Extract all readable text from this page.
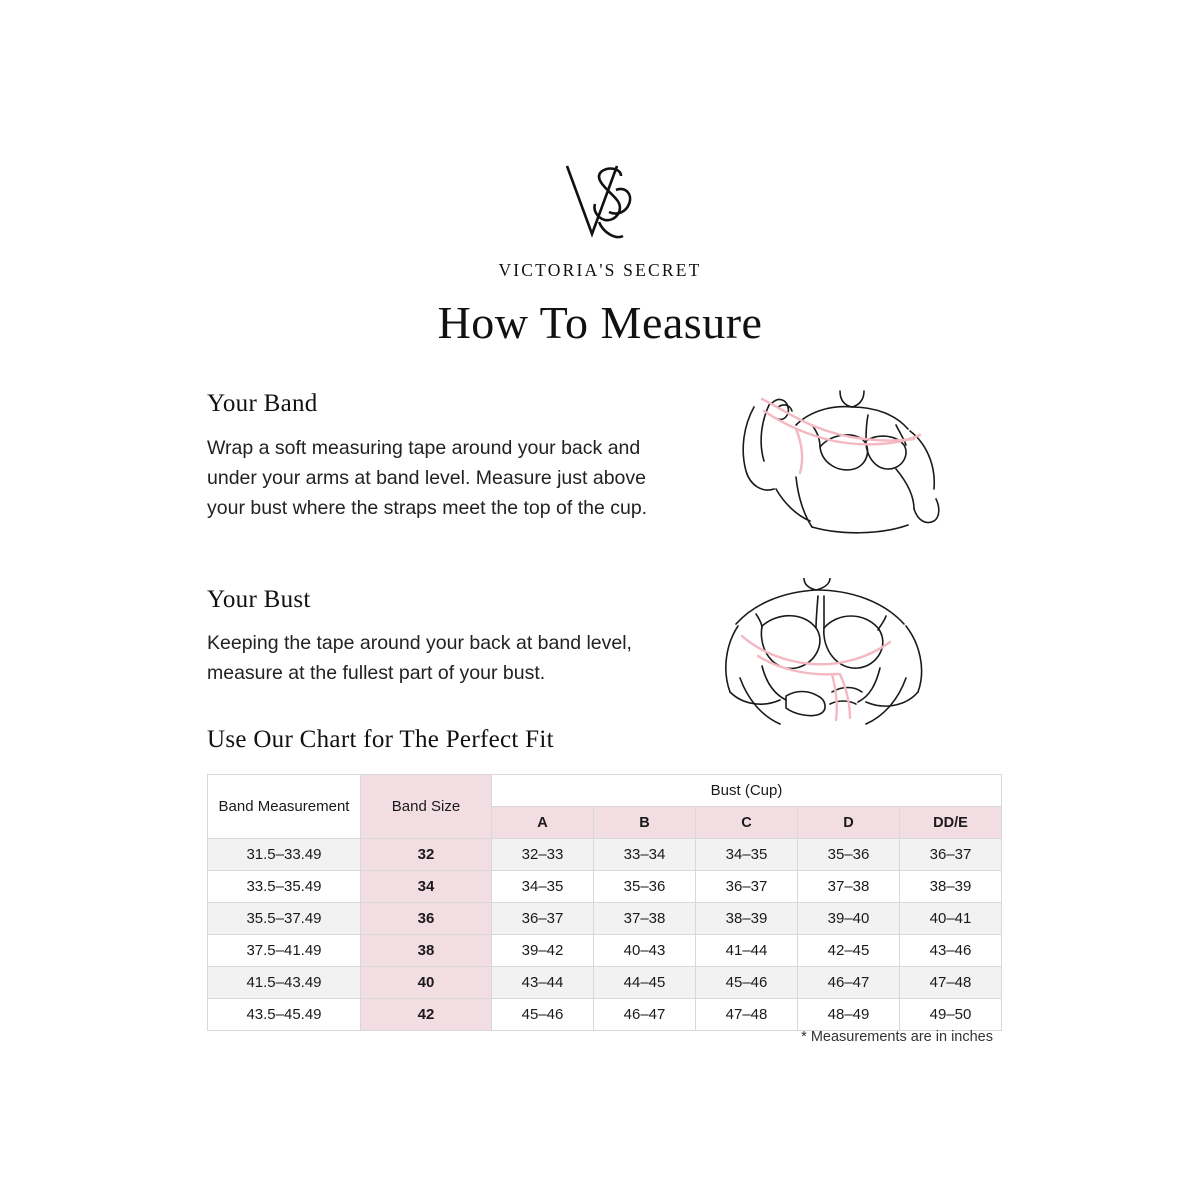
VICTORIA'S SECRET
How To Measure
Your Band
Wrap a soft measuring tape around your back and under your arms at band level. Measure just above your bust where the straps meet the top of the cup.
Your Bust
Keeping the tape around your back at band level, measure at the fullest part of your bust.
Use Our Chart for The Perfect Fit
Band Measurement	Band Size	Bust (Cup)				
		A	B	C	D	DD/E
31.5–33.49	32	32–33	33–34	34–35	35–36	36–37
33.5–35.49	34	34–35	35–36	36–37	37–38	38–39
35.5–37.49	36	36–37	37–38	38–39	39–40	40–41
37.5–41.49	38	39–42	40–43	41–44	42–45	43–46
41.5–43.49	40	43–44	44–45	45–46	46–47	47–48
43.5–45.49	42	45–46	46–47	47–48	48–49	49–50
* Measurements are in inches
